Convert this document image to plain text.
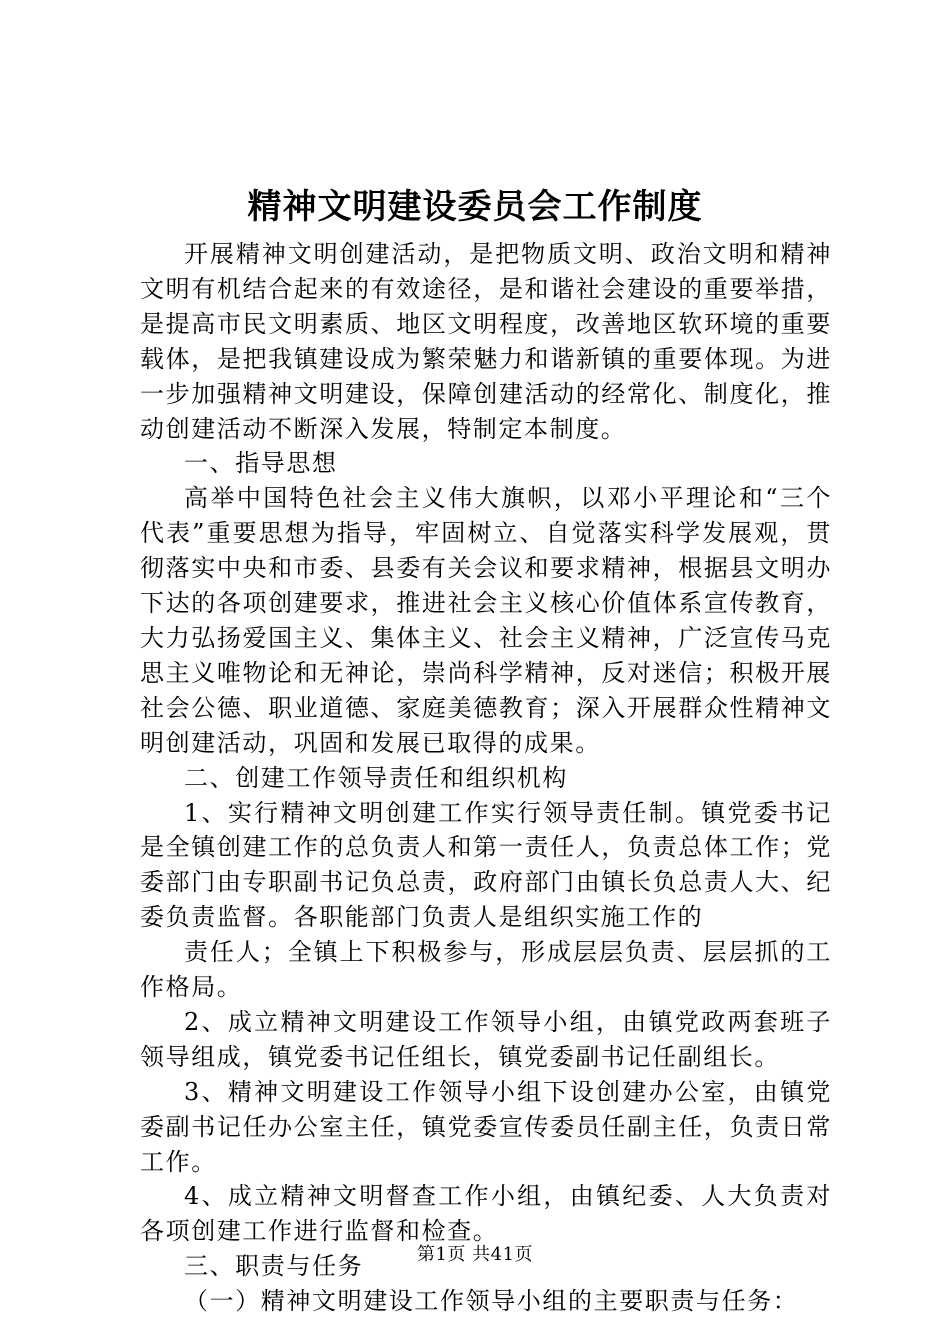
精神文明建设委员会工作制度

开展精神文明创建活动，是把物质文明、政治文明和精神文明有机结合起来的有效途径，是和谐社会建设的重要举措，是提高市民文明素质、地区文明程度，改善地区软环境的重要载体，是把我镇建设成为繁荣魅力和谐新镇的重要体现。为进一步加强精神文明建设，保障创建活动的经常化、制度化，推动创建活动不断深入发展，特制定本制度。

一、指导思想

高举中国特色社会主义伟大旗帜，以邓小平理论和“三个代表”重要思想为指导，牢固树立、自觉落实科学发展观，贯彻落实中央和市委、县委有关会议和要求精神，根据县文明办下达的各项创建要求，推进社会主义核心价值体系宣传教育，大力弘扬爱国主义、集体主义、社会主义精神，广泛宣传马克思主义唯物论和无神论，崇尚科学精神，反对迷信；积极开展社会公德、职业道德、家庭美德教育；深入开展群众性精神文明创建活动，巩固和发展已取得的成果。

二、创建工作领导责任和组织机构

1、实行精神文明创建工作实行领导责任制。镇党委书记是全镇创建工作的总负责人和第一责任人，负责总体工作；党委部门由专职副书记负总责，政府部门由镇长负总责人大、纪委负责监督。各职能部门负责人是组织实施工作的

责任人；全镇上下积极参与，形成层层负责、层层抓的工作格局。

2、成立精神文明建设工作领导小组，由镇党政两套班子领导组成，镇党委书记任组长，镇党委副书记任副组长。

3、精神文明建设工作领导小组下设创建办公室，由镇党委副书记任办公室主任，镇党委宣传委员任副主任，负责日常工作。

4、成立精神文明督查工作小组，由镇纪委、人大负责对各项创建工作进行监督和检查。

三、职责与任务

（一）精神文明建设工作领导小组的主要职责与任务：

第1页 共41页
